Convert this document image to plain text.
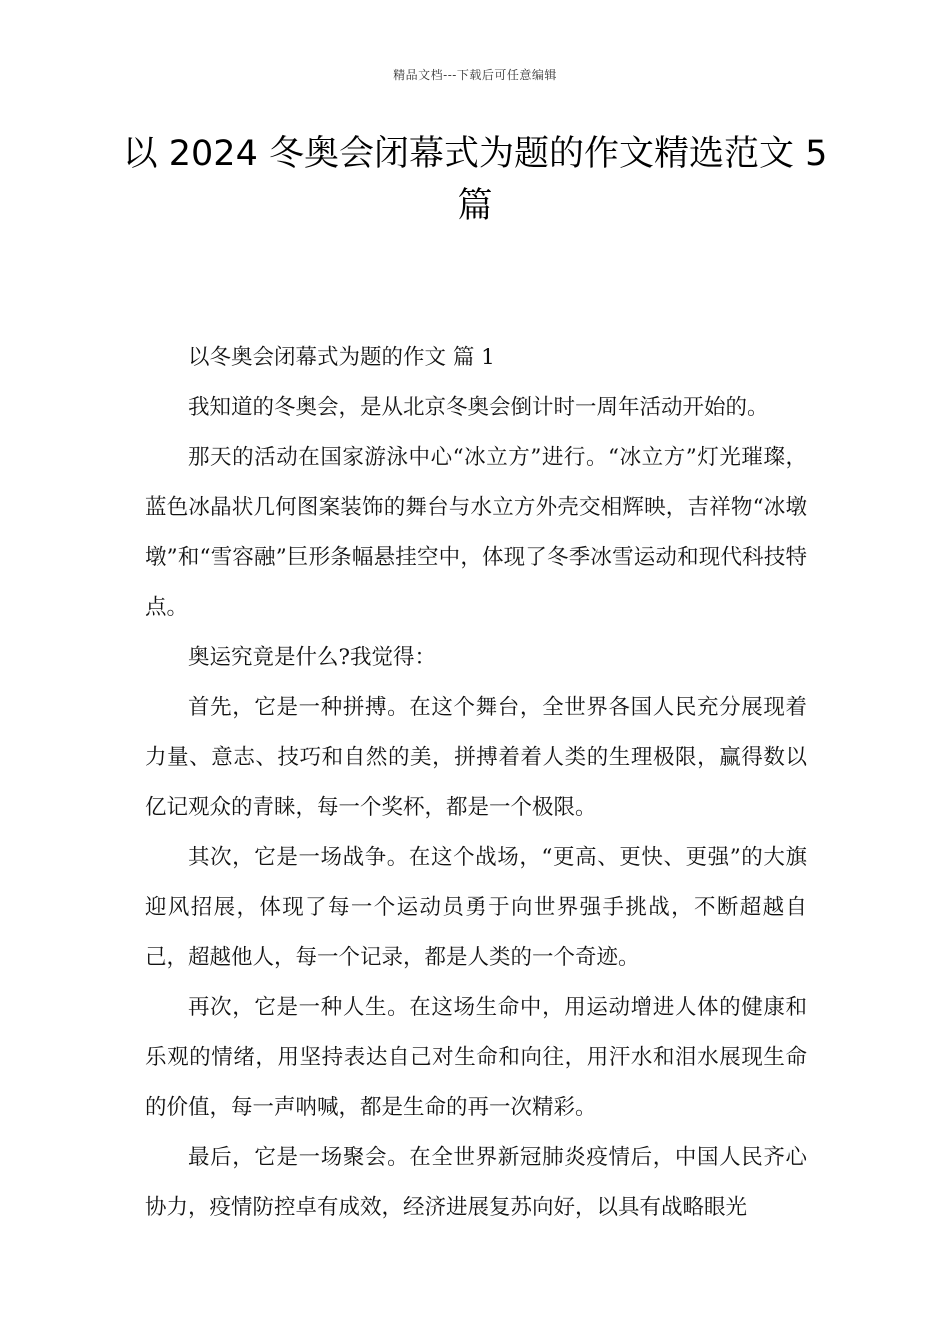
精品文档---下载后可任意编辑
以 2024 冬奥会闭幕式为题的作文精选范文 5 篇

以冬奥会闭幕式为题的作文 篇 1

我知道的冬奥会，是从北京冬奥会倒计时一周年活动开始的。

那天的活动在国家游泳中心“冰立方”进行。“冰立方”灯光璀璨，蓝色冰晶状几何图案装饰的舞台与水立方外壳交相辉映，吉祥物“冰墩墩”和“雪容融”巨形条幅悬挂空中，体现了冬季冰雪运动和现代科技特点。

奥运究竟是什么?我觉得：

首先，它是一种拼搏。在这个舞台，全世界各国人民充分展现着力量、意志、技巧和自然的美，拼搏着着人类的生理极限，赢得数以亿记观众的青睐，每一个奖杯，都是一个极限。

其次，它是一场战争。在这个战场，“更高、更快、更强”的大旗迎风招展，体现了每一个运动员勇于向世界强手挑战，不断超越自己，超越他人，每一个记录，都是人类的一个奇迹。

再次，它是一种人生。在这场生命中，用运动增进人体的健康和乐观的情绪，用坚持表达自己对生命和向往，用汗水和泪水展现生命的价值，每一声呐喊，都是生命的再一次精彩。

最后，它是一场聚会。在全世界新冠肺炎疫情后，中国人民齐心协力，疫情防控卓有成效，经济进展复苏向好，以具有战略眼光
